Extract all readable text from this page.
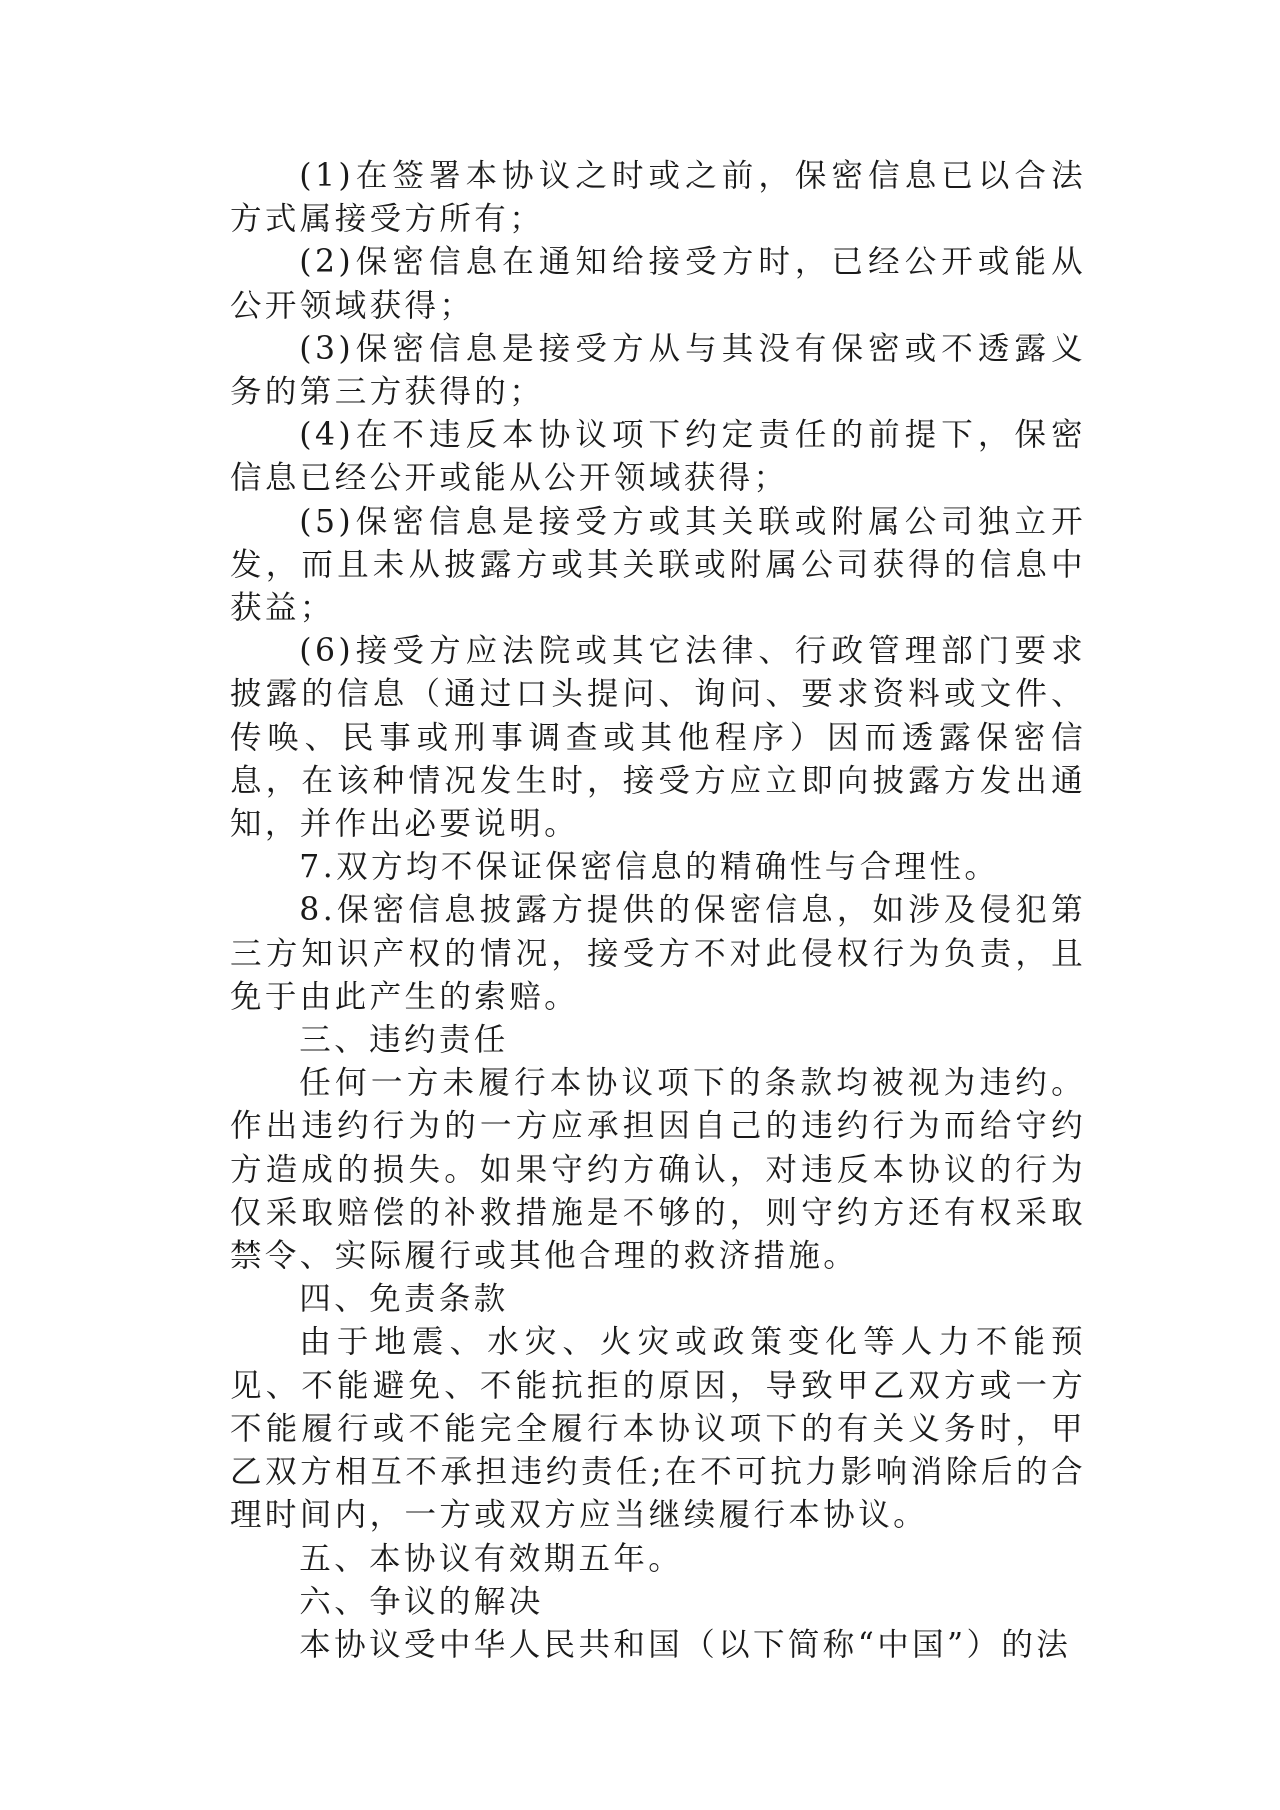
(1)在签署本协议之时或之前，保密信息已以合法方式属接受方所有；

(2)保密信息在通知给接受方时，已经公开或能从公开领域获得；

(3)保密信息是接受方从与其没有保密或不透露义务的第三方获得的；

(4)在不违反本协议项下约定责任的前提下，保密信息已经公开或能从公开领域获得；

(5)保密信息是接受方或其关联或附属公司独立开发，而且未从披露方或其关联或附属公司获得的信息中获益；

(6)接受方应法院或其它法律、行政管理部门要求披露的信息（通过口头提问、询问、要求资料或文件、传唤、民事或刑事调查或其他程序）因而透露保密信息，在该种情况发生时，接受方应立即向披露方发出通知，并作出必要说明。

7.双方均不保证保密信息的精确性与合理性。

8.保密信息披露方提供的保密信息，如涉及侵犯第三方知识产权的情况，接受方不对此侵权行为负责，且免于由此产生的索赔。

三、违约责任

任何一方未履行本协议项下的条款均被视为违约。作出违约行为的一方应承担因自己的违约行为而给守约方造成的损失。如果守约方确认，对违反本协议的行为仅采取赔偿的补救措施是不够的，则守约方还有权采取禁令、实际履行或其他合理的救济措施。

四、免责条款

由于地震、水灾、火灾或政策变化等人力不能预见、不能避免、不能抗拒的原因，导致甲乙双方或一方不能履行或不能完全履行本协议项下的有关义务时，甲乙双方相互不承担违约责任;在不可抗力影响消除后的合理时间内，一方或双方应当继续履行本协议。

五、本协议有效期五年。

六、争议的解决

本协议受中华人民共和国（以下简称“中国”）的法
